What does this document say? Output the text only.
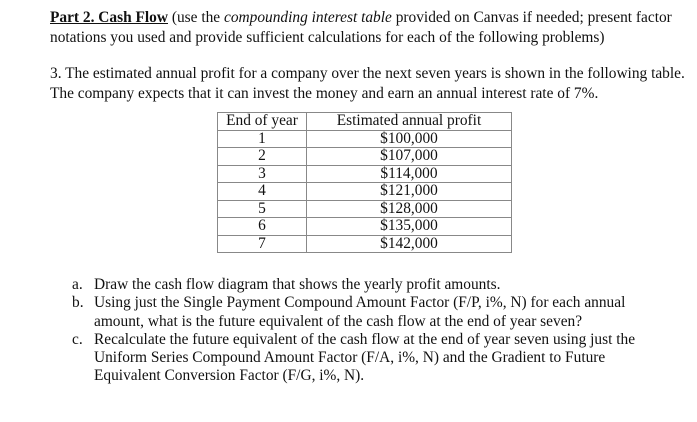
Part 2. Cash Flow (use the compounding interest table provided on Canvas if needed; present factor notations you used and provide sufficient calculations for each of the following problems)
3. The estimated annual profit for a company over the next seven years is shown in the following table. The company expects that it can invest the money and earn an annual interest rate of 7%.
End of year	Estimated annual profit
1	$100,000
2	$107,000
3	$114,000
4	$121,000
5	$128,000
6	$135,000
7	$142,000
a. Draw the cash flow diagram that shows the yearly profit amounts.
b. Using just the Single Payment Compound Amount Factor (F/P, i%, N) for each annual amount, what is the future equivalent of the cash flow at the end of year seven?
c. Recalculate the future equivalent of the cash flow at the end of year seven using just the Uniform Series Compound Amount Factor (F/A, i%, N) and the Gradient to Future Equivalent Conversion Factor (F/G, i%, N).
